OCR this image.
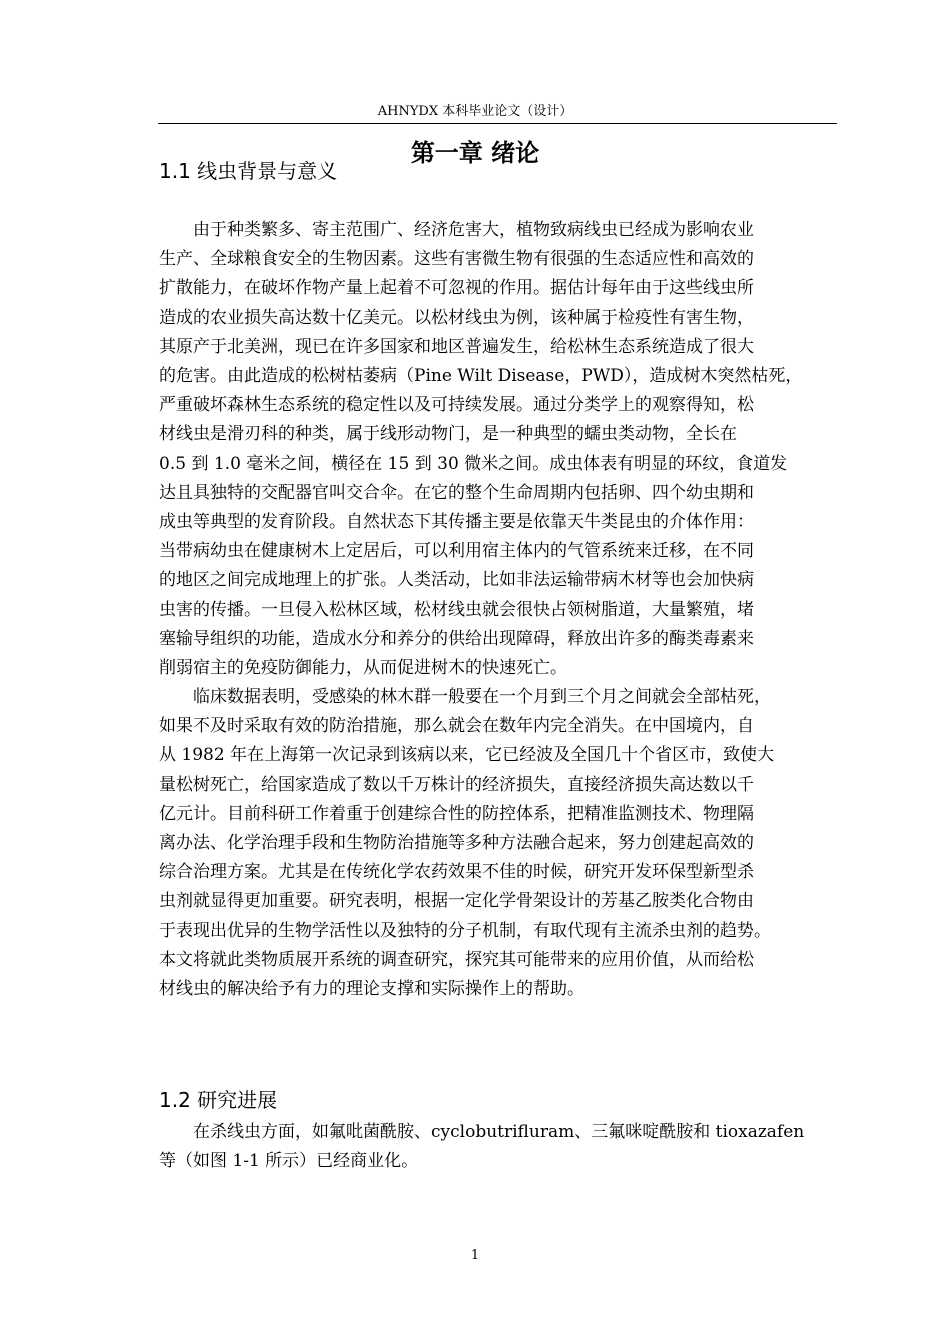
AHNYDX 本科毕业论文（设计）
第一章 绪论
1.1 线虫背景与意义
由于种类繁多、寄主范围广、经济危害大，植物致病线虫已经成为影响农业
生产、全球粮食安全的生物因素。这些有害微生物有很强的生态适应性和高效的
扩散能力，在破坏作物产量上起着不可忽视的作用。据估计每年由于这些线虫所
造成的农业损失高达数十亿美元。以松材线虫为例，该种属于检疫性有害生物，
其原产于北美洲，现已在许多国家和地区普遍发生，给松林生态系统造成了很大
的危害。由此造成的松树枯萎病（Pine Wilt Disease，PWD），造成树木突然枯死，
严重破坏森林生态系统的稳定性以及可持续发展。通过分类学上的观察得知，松
材线虫是滑刃科的种类，属于线形动物门，是一种典型的蠕虫类动物，全长在
0.5 到 1.0 毫米之间，横径在 15 到 30 微米之间。成虫体表有明显的环纹，食道发
达且具独特的交配器官叫交合伞。在它的整个生命周期内包括卵、四个幼虫期和
成虫等典型的发育阶段。自然状态下其传播主要是依靠天牛类昆虫的介体作用：
当带病幼虫在健康树木上定居后，可以利用宿主体内的气管系统来迁移，在不同
的地区之间完成地理上的扩张。人类活动，比如非法运输带病木材等也会加快病
虫害的传播。一旦侵入松林区域，松材线虫就会很快占领树脂道，大量繁殖，堵
塞输导组织的功能，造成水分和养分的供给出现障碍，释放出许多的酶类毒素来
削弱宿主的免疫防御能力，从而促进树木的快速死亡。
临床数据表明，受感染的林木群一般要在一个月到三个月之间就会全部枯死，
如果不及时采取有效的防治措施，那么就会在数年内完全消失。在中国境内，自
从 1982 年在上海第一次记录到该病以来，它已经波及全国几十个省区市，致使大
量松树死亡，给国家造成了数以千万株计的经济损失，直接经济损失高达数以千
亿元计。目前科研工作着重于创建综合性的防控体系，把精准监测技术、物理隔
离办法、化学治理手段和生物防治措施等多种方法融合起来，努力创建起高效的
综合治理方案。尤其是在传统化学农药效果不佳的时候，研究开发环保型新型杀
虫剂就显得更加重要。研究表明，根据一定化学骨架设计的芳基乙胺类化合物由
于表现出优异的生物学活性以及独特的分子机制，有取代现有主流杀虫剂的趋势。
本文将就此类物质展开系统的调查研究，探究其可能带来的应用价值，从而给松
材线虫的解决给予有力的理论支撑和实际操作上的帮助。
1.2 研究进展
在杀线虫方面，如氟吡菌酰胺、cyclobutrifluram、三氟咪啶酰胺和 tioxazafen
等（如图 1-1 所示）已经商业化。
1
